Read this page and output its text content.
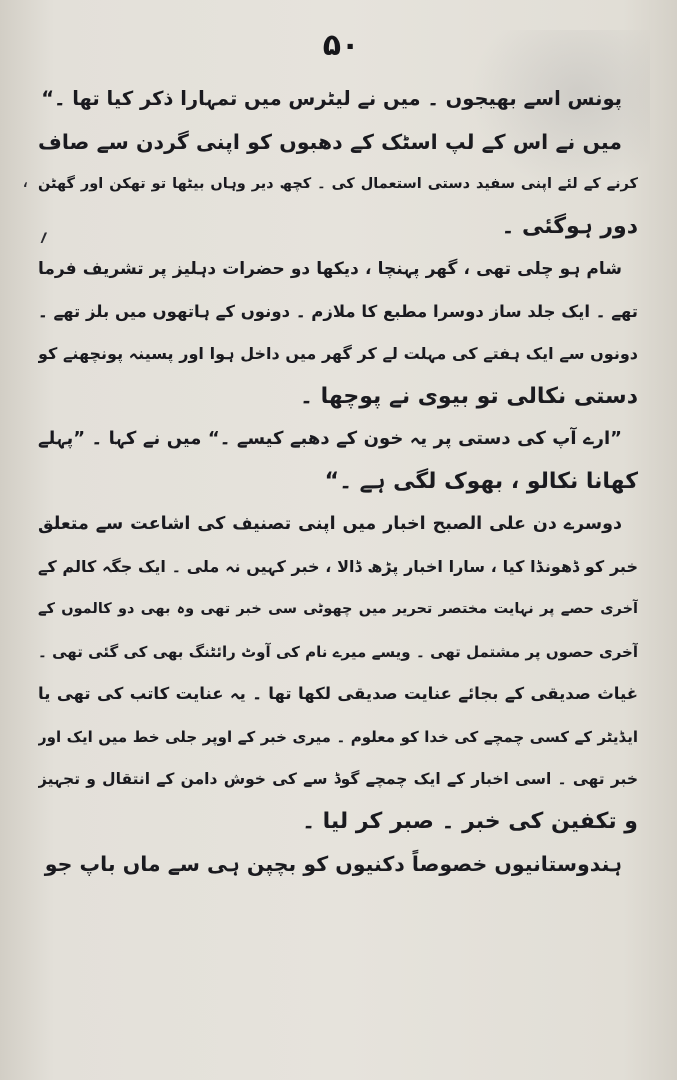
۵۰
،
؍
پونس اسے بھیجوں ۔ میں نے لیٹرس میں تمہارا ذکر کیا تھا ۔“
میں نے اس کے لپ اسٹک کے دھبوں کو اپنی گردن سے صاف
کرنے کے لئے اپنی سفید دستی استعمال کی ۔ کچھ دیر وہاں بیٹھا تو تھکن اور گھٹن
دور ہوگئی ۔
شام ہو چلی تھی ، گھر پہنچا ، دیکھا دو حضرات دہلیز پر تشریف فرما
تھے ۔ ایک جلد ساز دوسرا مطبع کا ملازم ۔ دونوں کے ہاتھوں میں بلز تھے ۔
دونوں سے ایک ہفتے کی مہلت لے کر گھر میں داخل ہوا اور پسینہ پونچھنے کو
دستی نکالی تو بیوی نے پوچھا ۔
”ارے آپ کی دستی پر یہ خون کے دھبے کیسے ۔“ میں نے کہا ۔ ”پہلے
کھانا نکالو ، بھوک لگی ہے ۔“
دوسرے دن علی الصبح اخبار میں اپنی تصنیف کی اشاعت سے متعلق
خبر کو ڈھونڈا کیا ، سارا اخبار پڑھ ڈالا ، خبر کہیں نہ ملی ۔ ایک جگہ کالم کے
آخری حصے پر نہایت مختصر تحریر میں چھوٹی سی خبر تھی وہ بھی دو کالموں کے
آخری حصوں پر مشتمل تھی ۔ ویسے میرے نام کی آوٹ رائٹنگ بھی کی گئی تھی ۔
غیاث صدیقی کے بجائے عنایت صدیقی لکھا تھا ۔ یہ عنایت کاتب کی تھی یا
ایڈیٹر کے کسی چمچے کی خدا کو معلوم ۔ میری خبر کے اوپر جلی خط میں ایک اور
خبر تھی ۔ اسی اخبار کے ایک چمچے گوڈ سے کی خوش دامن کے انتقال و تجہیز
و تکفین کی خبر ۔ صبر کر لیا ۔
ہندوستانیوں خصوصاً دکنیوں کو بچپن ہی سے ماں باپ جو
